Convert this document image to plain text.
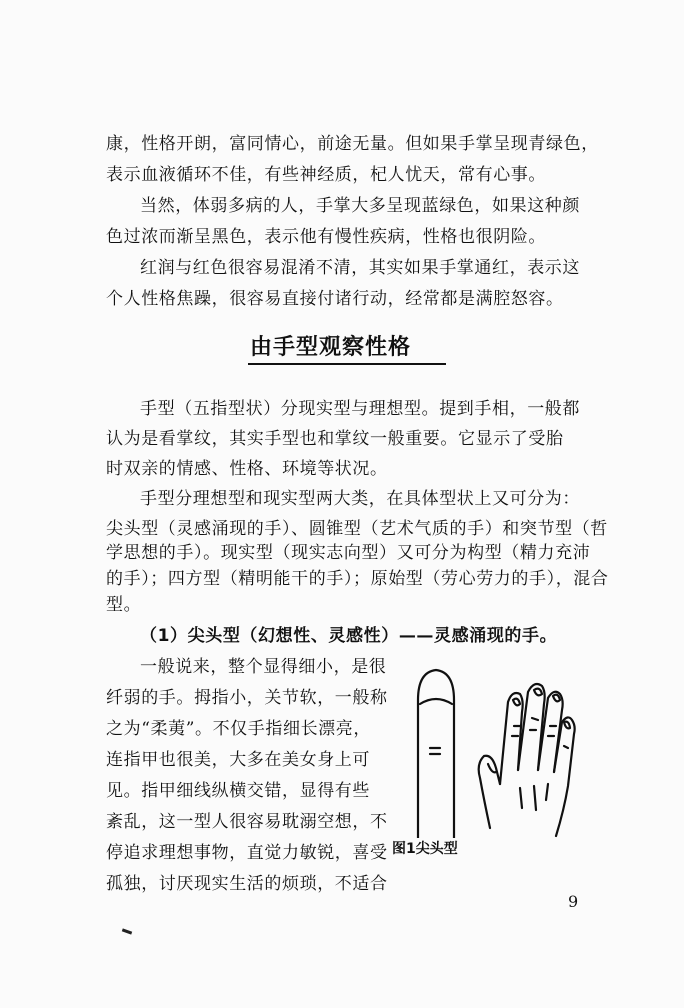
康，性格开朗，富同情心，前途无量。但如果手掌呈现青绿色，
表示血液循环不佳，有些神经质，杞人忧天，常有心事。
当然，体弱多病的人，手掌大多呈现蓝绿色，如果这种颜
色过浓而渐呈黑色，表示他有慢性疾病，性格也很阴险。
红润与红色很容易混淆不清，其实如果手掌通红，表示这
个人性格焦躁，很容易直接付诸行动，经常都是满腔怒容。
由手型观察性格
手型（五指型状）分现实型与理想型。提到手相，一般都
认为是看掌纹，其实手型也和掌纹一般重要。它显示了受胎
时双亲的情感、性格、环境等状况。
手型分理想型和现实型两大类，在具体型状上又可分为：
尖头型（灵感涌现的手）、圆锥型（艺术气质的手）和突节型（哲
学思想的手）。现实型（现实志向型）又可分为构型（精力充沛
的手）；四方型（精明能干的手）；原始型（劳心劳力的手），混合
型。
（1）尖头型（幻想性、灵感性）——灵感涌现的手。
一般说来，整个显得细小，是很
纤弱的手。拇指小，关节软，一般称
之为“柔荑”。不仅手指细长漂亮，
连指甲也很美，大多在美女身上可
见。指甲细线纵横交错，显得有些
紊乱，这一型人很容易耽溺空想，不
停追求理想事物，直觉力敏锐，喜受
孤独，讨厌现实生活的烦琐，不适合
图1尖头型
9
